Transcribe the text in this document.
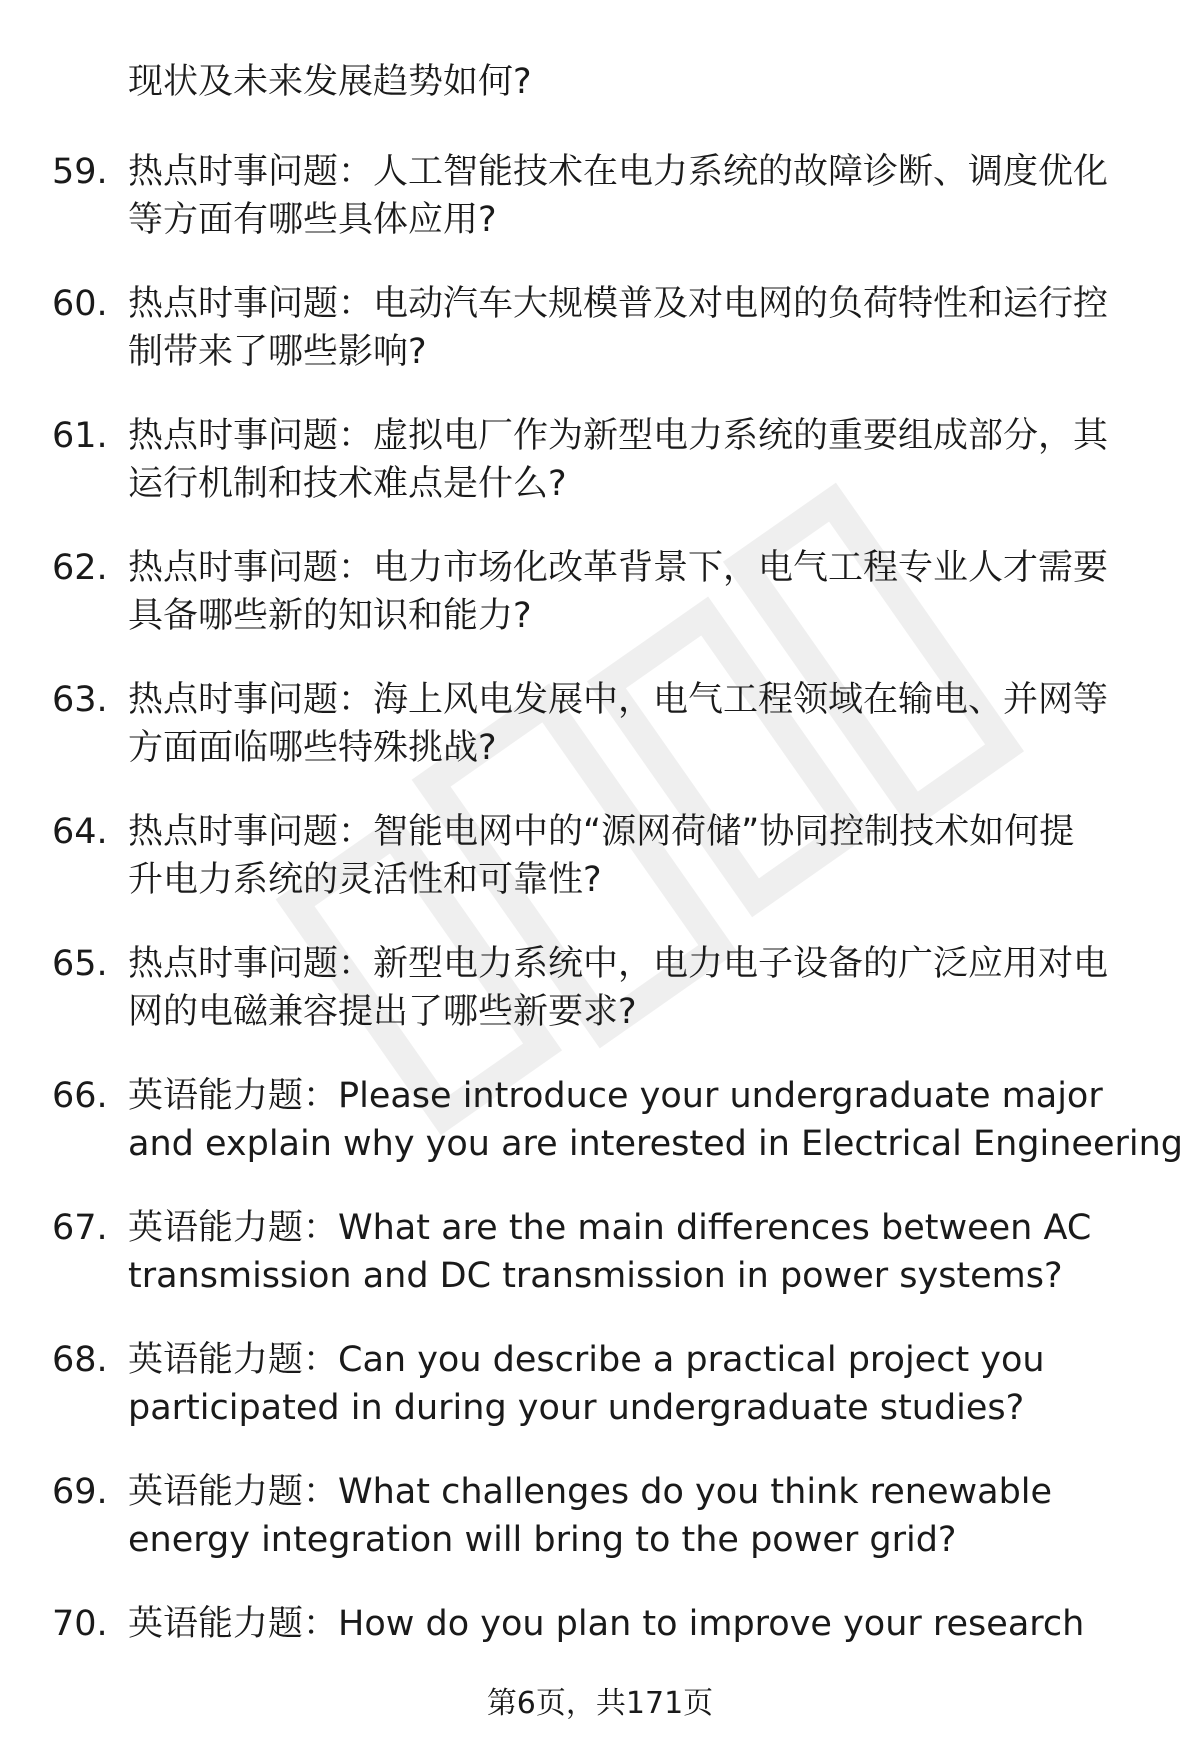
现状及未来发展趋势如何?
59. 热点时事问题：人工智能技术在电力系统的故障诊断、调度优化
等方面有哪些具体应用?
60. 热点时事问题：电动汽车大规模普及对电网的负荷特性和运行控
制带来了哪些影响?
61. 热点时事问题：虚拟电厂作为新型电力系统的重要组成部分，其
运行机制和技术难点是什么?
62. 热点时事问题：电力市场化改革背景下，电气工程专业人才需要
具备哪些新的知识和能力?
63. 热点时事问题：海上风电发展中，电气工程领域在输电、并网等
方面面临哪些特殊挑战?
64. 热点时事问题：智能电网中的“源网荷储”协同控制技术如何提
升电力系统的灵活性和可靠性?
65. 热点时事问题：新型电力系统中，电力电子设备的广泛应用对电
网的电磁兼容提出了哪些新要求?
66. 英语能力题：Please introduce your undergraduate major
and explain why you are interested in Electrical Engineering
67. 英语能力题：What are the main differences between AC
transmission and DC transmission in power systems?
68. 英语能力题：Can you describe a practical project you
participated in during your undergraduate studies?
69. 英语能力题：What challenges do you think renewable
energy integration will bring to the power grid?
70. 英语能力题：How do you plan to improve your research
第6页，共171页
